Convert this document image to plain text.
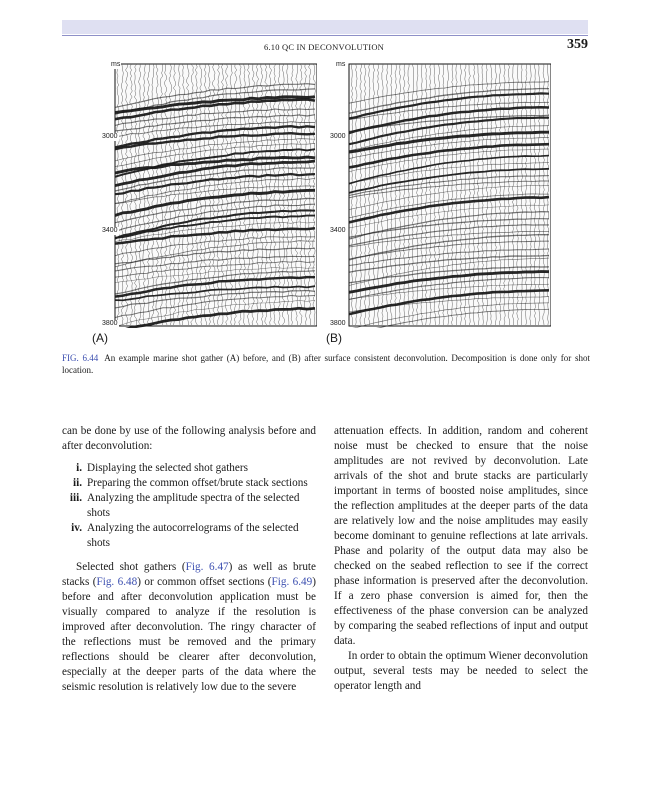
6.10 QC IN DECONVOLUTION	359
ms
3000
3400
3800
ms
3000
3400
3800
(A)	(B)
FIG. 6.44 An example marine shot gather (A) before, and (B) after surface consistent deconvolution. Decomposition is done only for shot location.

can be done by use of the following analysis before and after deconvolution:

i. Displaying the selected shot gathers
ii. Preparing the common offset/brute stack sections
iii. Analyzing the amplitude spectra of the selected shots
iv. Analyzing the autocorrelograms of the selected shots

Selected shot gathers (Fig. 6.47) as well as brute stacks (Fig. 6.48) or common offset sections (Fig. 6.49) before and after deconvolution application must be visually compared to analyze if the resolution is improved after deconvolution. The ringy character of the reflections must be removed and the primary reflections should be clearer after deconvolution, especially at the deeper parts of the data where the seismic resolution is relatively low due to the severe

attenuation effects. In addition, random and coherent noise must be checked to ensure that the noise amplitudes are not revived by deconvolution. Late arrivals of the shot and brute stacks are particularly important in terms of boosted noise amplitudes, since the reflection amplitudes at the deeper parts of the data are relatively low and the noise amplitudes may easily become dominant to genuine reflections at late arrivals. Phase and polarity of the output data may also be checked on the seabed reflection to see if the correct phase information is preserved after the deconvolution. If a zero phase conversion is aimed for, then the effectiveness of the phase conversion can be analyzed by comparing the seabed reflections of input and output data.

In order to obtain the optimum Wiener deconvolution output, several tests may be needed to select the operator length and
